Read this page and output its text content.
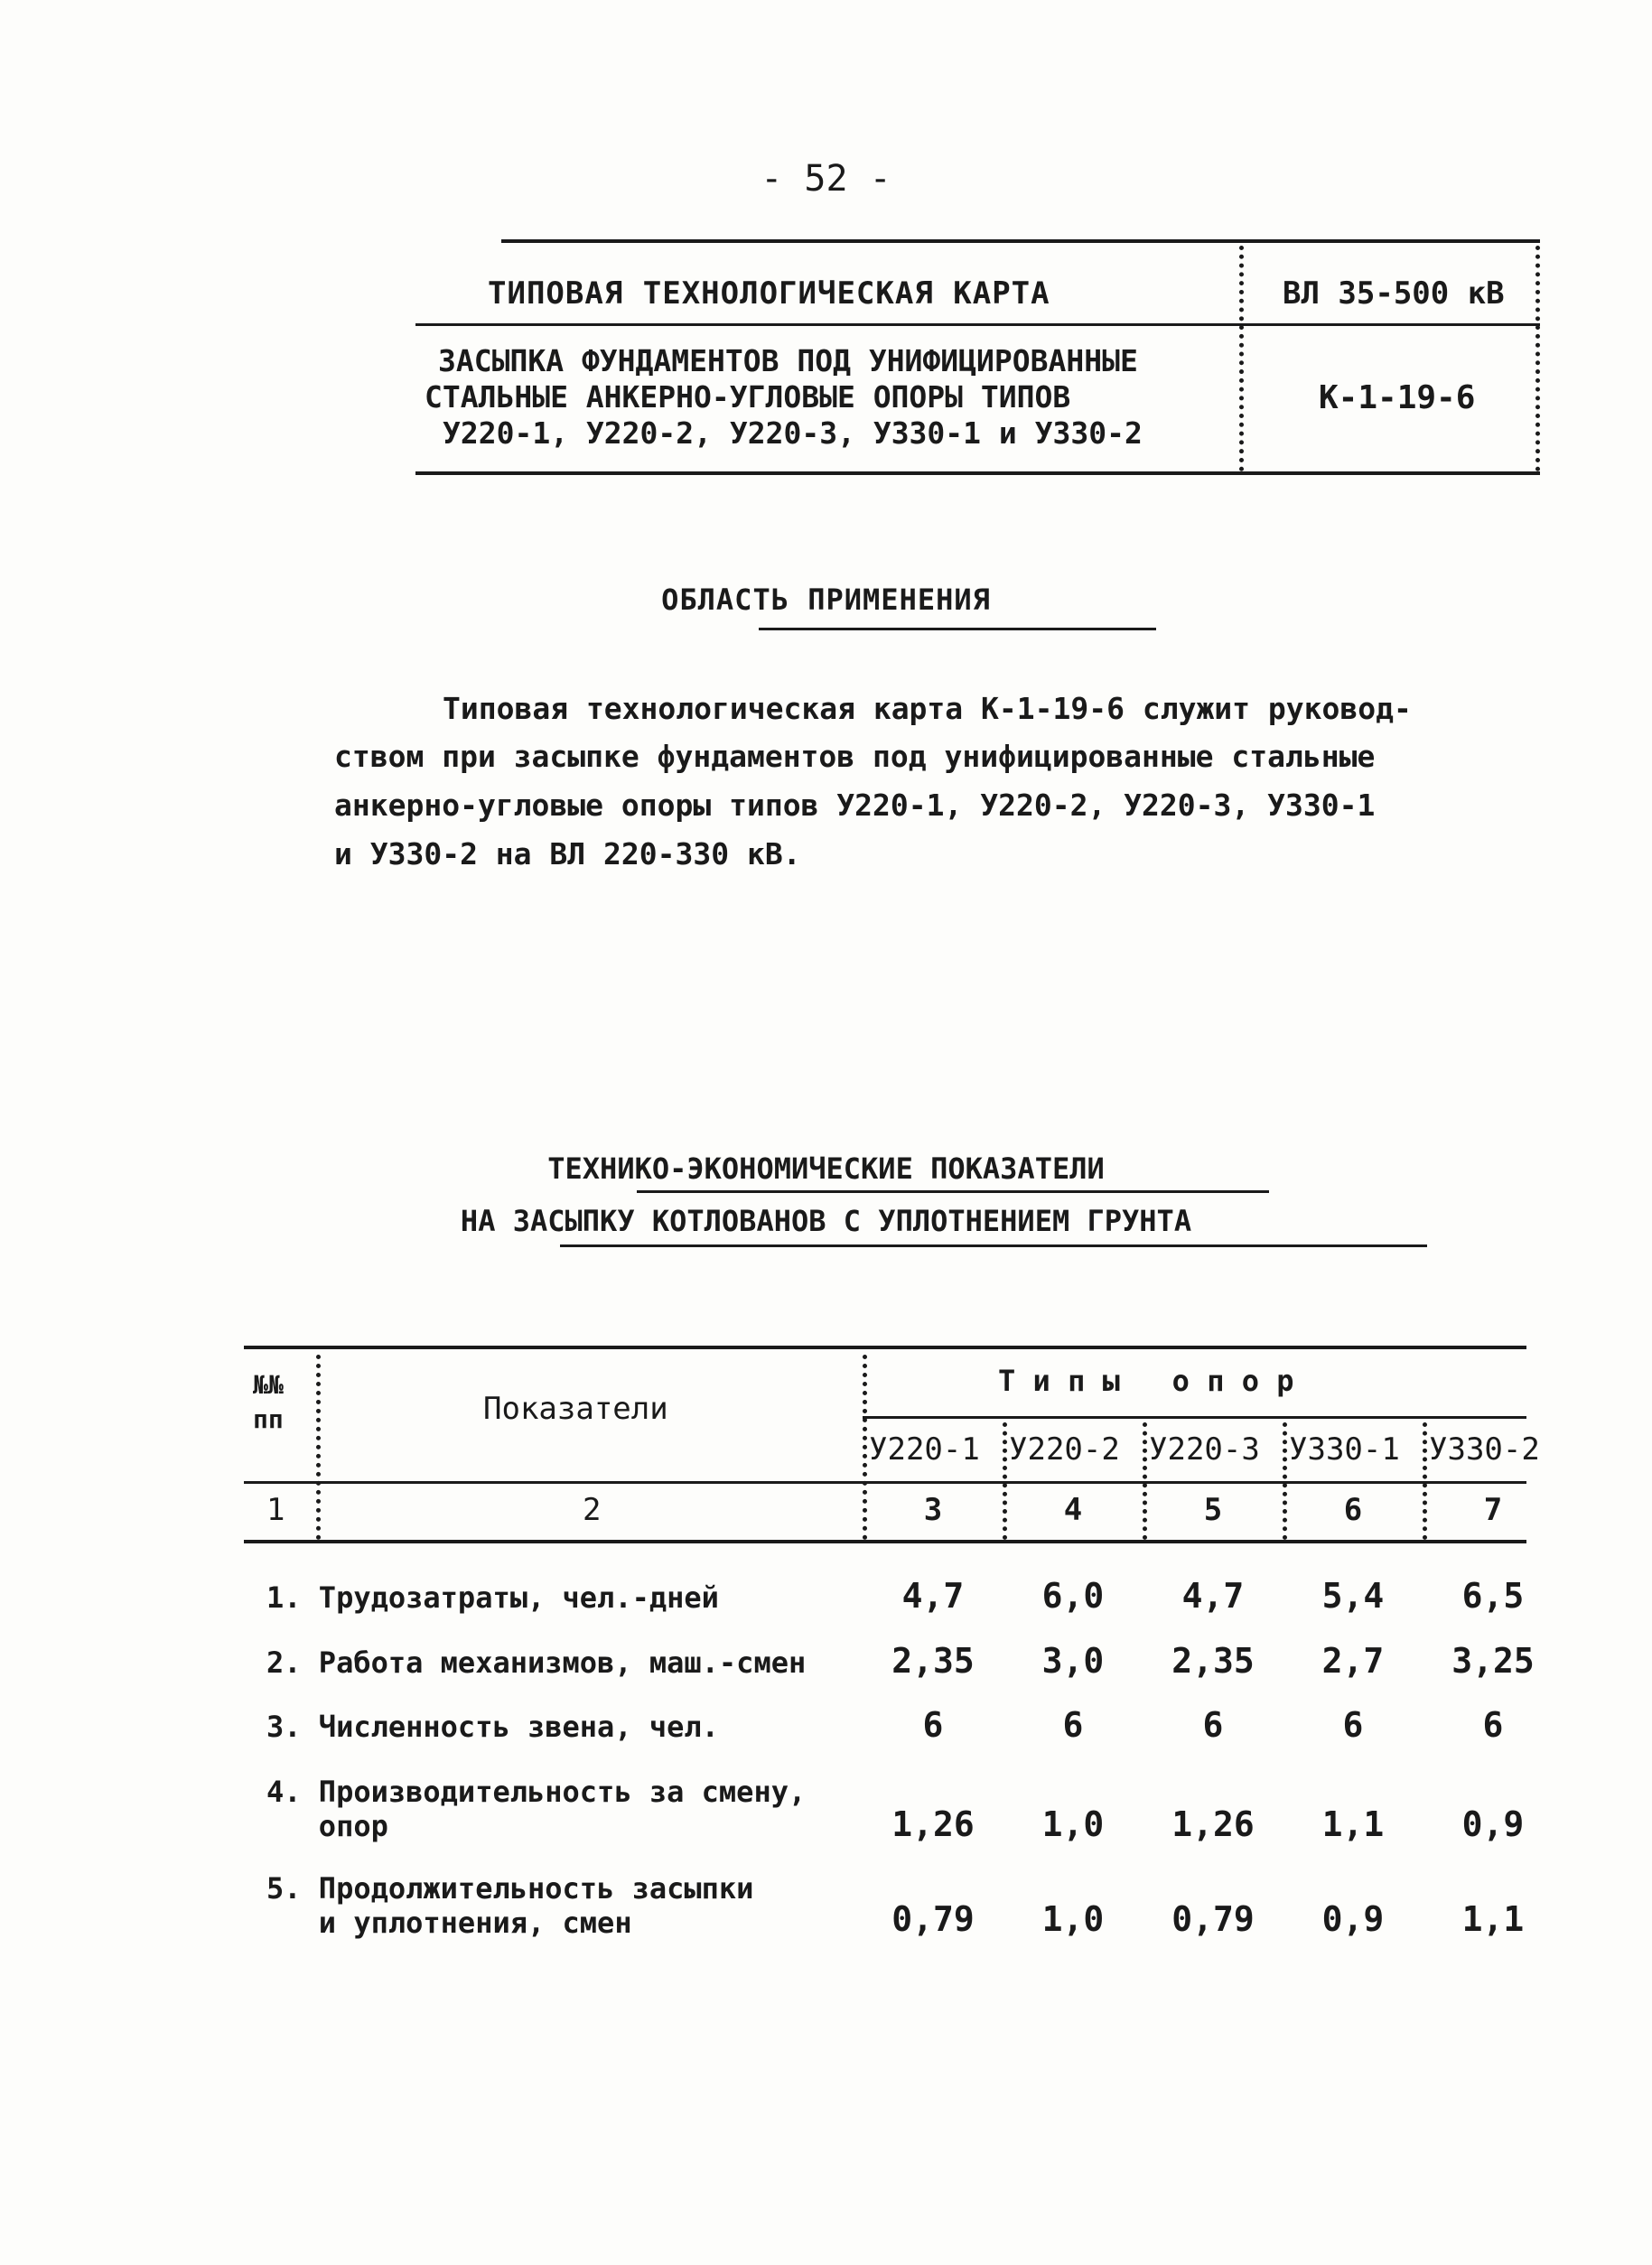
- 52 -
ТИПОВАЯ ТЕХНОЛОГИЧЕСКАЯ КАРТА	ВЛ 35-500 кВ
ЗАСЫПКА ФУНДАМЕНТОВ ПОД УНИФИЦИРОВАННЫЕ
СТАЛЬНЫЕ АНКЕРНО-УГЛОВЫЕ ОПОРЫ ТИПОВ
У220-1, У220-2, У220-3, У330-1 и У330-2
К-1-19-6
ОБЛАСТЬ ПРИМЕНЕНИЯ
Типовая технологическая карта К-1-19-6 служит руковод-
ством при засыпке фундаментов под унифицированные стальные
анкерно-угловые опоры типов У220-1, У220-2, У220-3, У330-1
и У330-2 на ВЛ 220-330 кВ.
ТЕХНИКО-ЭКОНОМИЧЕСКИЕ ПОКАЗАТЕЛИ
НА ЗАСЫПКУ КОТЛОВАНОВ С УПЛОТНЕНИЕМ ГРУНТА
№№
пп	Показатели
Т и п ы   о п о р
У220-1 У220-2 У220-3 У330-1 У330-2
1	2	3	4	5	6	7
1. Трудозатраты, чел.-дней	4,7	6,0	4,7	5,4	6,5
2. Работа механизмов, маш.-смен	2,35	3,0	2,35	2,7	3,25
3. Численность звена, чел.	6	6	6	6	6
4. Производительность за смену,
опор	1,26	1,0	1,26	1,1	0,9
5. Продолжительность засыпки
и уплотнения, смен	0,79	1,0	0,79	0,9	1,1
